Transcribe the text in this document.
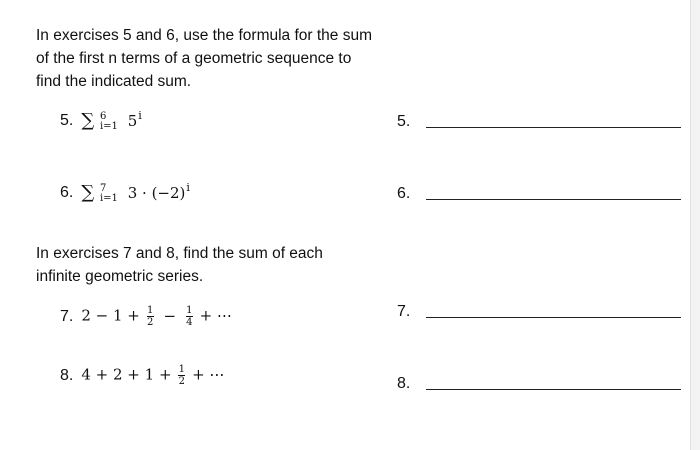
In exercises 5 and 6, use the formula for the sum
of the first n terms of a geometric sequence to
find the indicated sum.
5. ∑ 6
i=1 5$^i$
6. ∑ 7
i=1 $3 \cdot (-2)^i$
In exercises 7 and 8, find the sum of each
infinite geometric series.
7. $2 - 1 + \frac{1}{2} - \frac{1}{4}$ + ⋯
8. $4 + 2 + 1 + \frac{1}{2}$ + ⋯
5.
6.
7.
8.
